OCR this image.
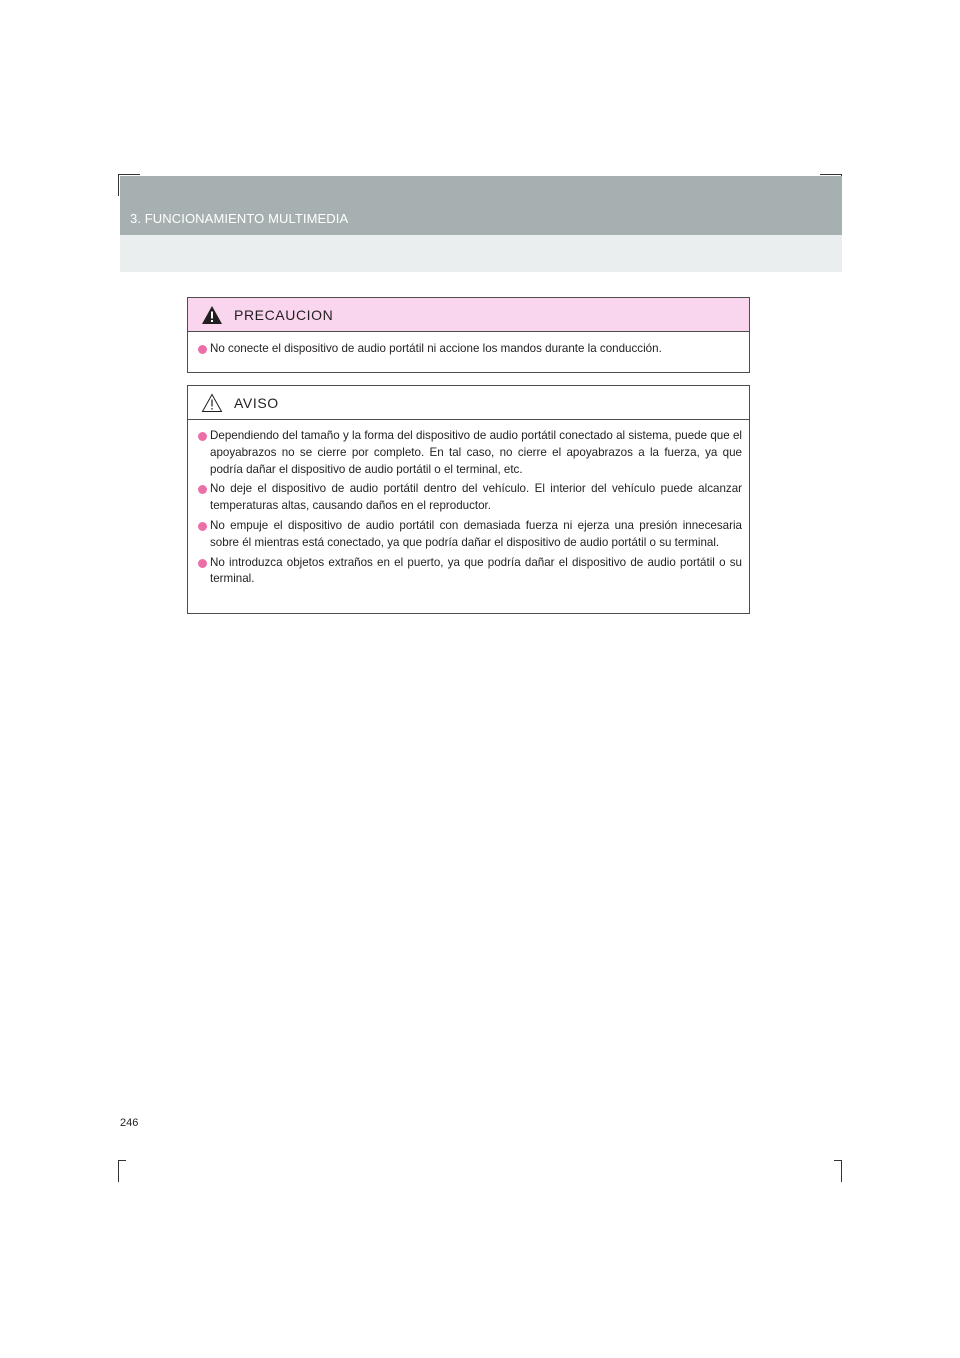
3. FUNCIONAMIENTO MULTIMEDIA
PRECAUCION
No conecte el dispositivo de audio portátil ni accione los mandos durante la conducción.
AVISO
Dependiendo del tamaño y la forma del dispositivo de audio portátil conectado al sistema, puede que el apoyabrazos no se cierre por completo. En tal caso, no cierre el apoyabrazos a la fuerza, ya que podría dañar el dispositivo de audio portátil o el terminal, etc.
No deje el dispositivo de audio portátil dentro del vehículo. El interior del vehículo puede alcanzar temperaturas altas, causando daños en el reproductor.
No empuje el dispositivo de audio portátil con demasiada fuerza ni ejerza una presión innecesaria sobre él mientras está conectado, ya que podría dañar el dispositivo de audio portátil o su terminal.
No introduzca objetos extraños en el puerto, ya que podría dañar el dispositivo de audio portátil o su terminal.
246
